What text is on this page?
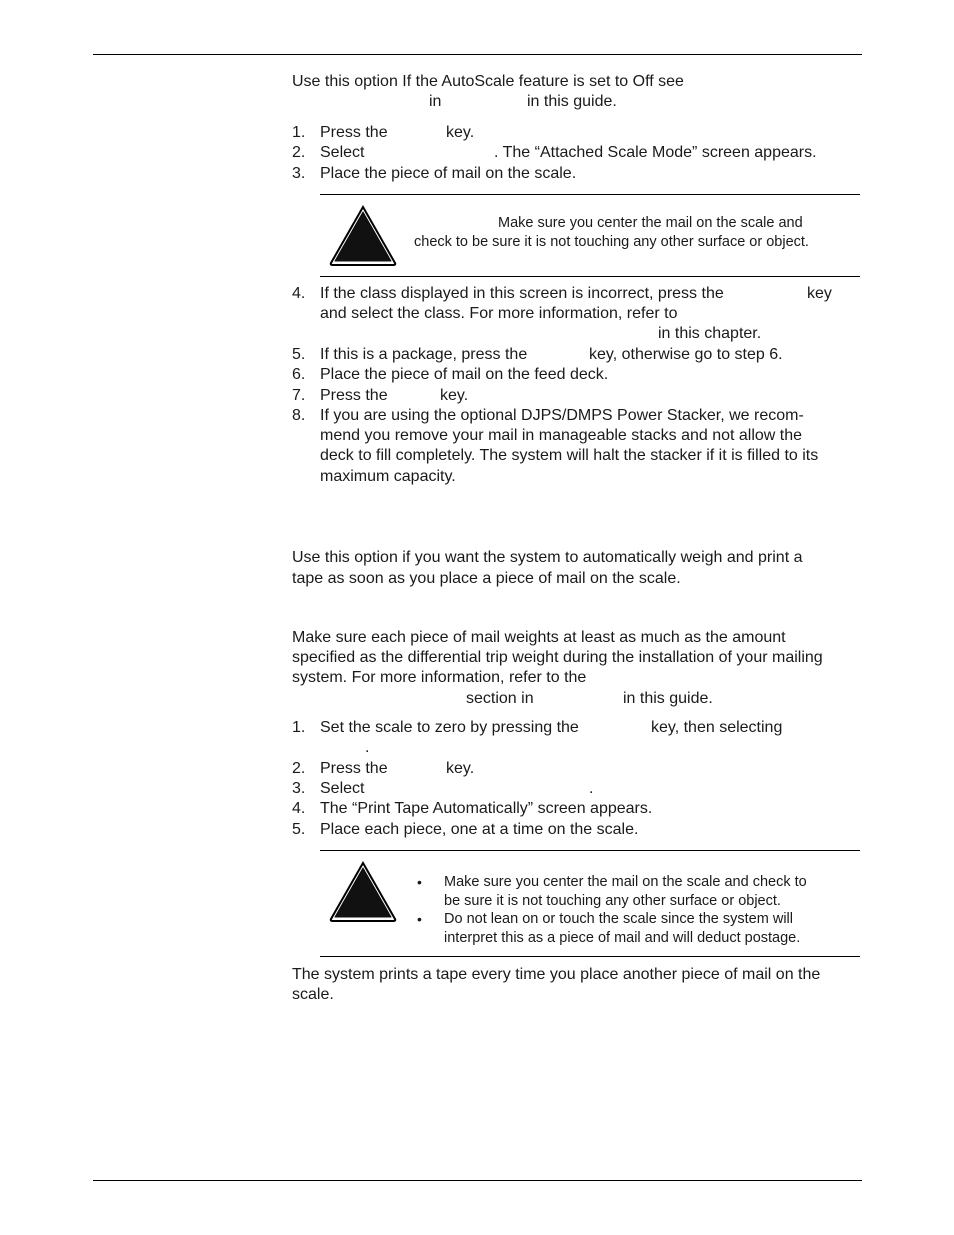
Use this option If the AutoScale feature is set to Off see
in	in this guide.
1. Press the	key.
2. Select	. The “Attached Scale Mode” screen appears.
3. Place the piece of mail on the scale.
Make sure you center the mail on the scale and
check to be sure it is not touching any other surface or object.
4. If the class displayed in this screen is incorrect, press the	key
and select the class. For more information, refer to
in this chapter.
5. If this is a package, press the	key, otherwise go to step 6.
6. Place the piece of mail on the feed deck.
7. Press the	key.
8. If you are using the optional DJPS/DMPS Power Stacker, we recom-
mend you remove your mail in manageable stacks and not allow the
deck to fill completely. The system will halt the stacker if it is filled to its
maximum capacity.
Use this option if you want the system to automatically weigh and print a
tape as soon as you place a piece of mail on the scale.
Make sure each piece of mail weights at least as much as the amount
specified as the differential trip weight during the installation of your mailing
system. For more information, refer to the
section in	in this guide.
1. Set the scale to zero by pressing the	key, then selecting
.
2. Press the	key.
3. Select	.
4. The “Print Tape Automatically” screen appears.
5. Place each piece, one at a time on the scale.
• Make sure you center the mail on the scale and check to
be sure it is not touching any other surface or object.
• Do not lean on or touch the scale since the system will
interpret this as a piece of mail and will deduct postage.
The system prints a tape every time you place another piece of mail on the
scale.
